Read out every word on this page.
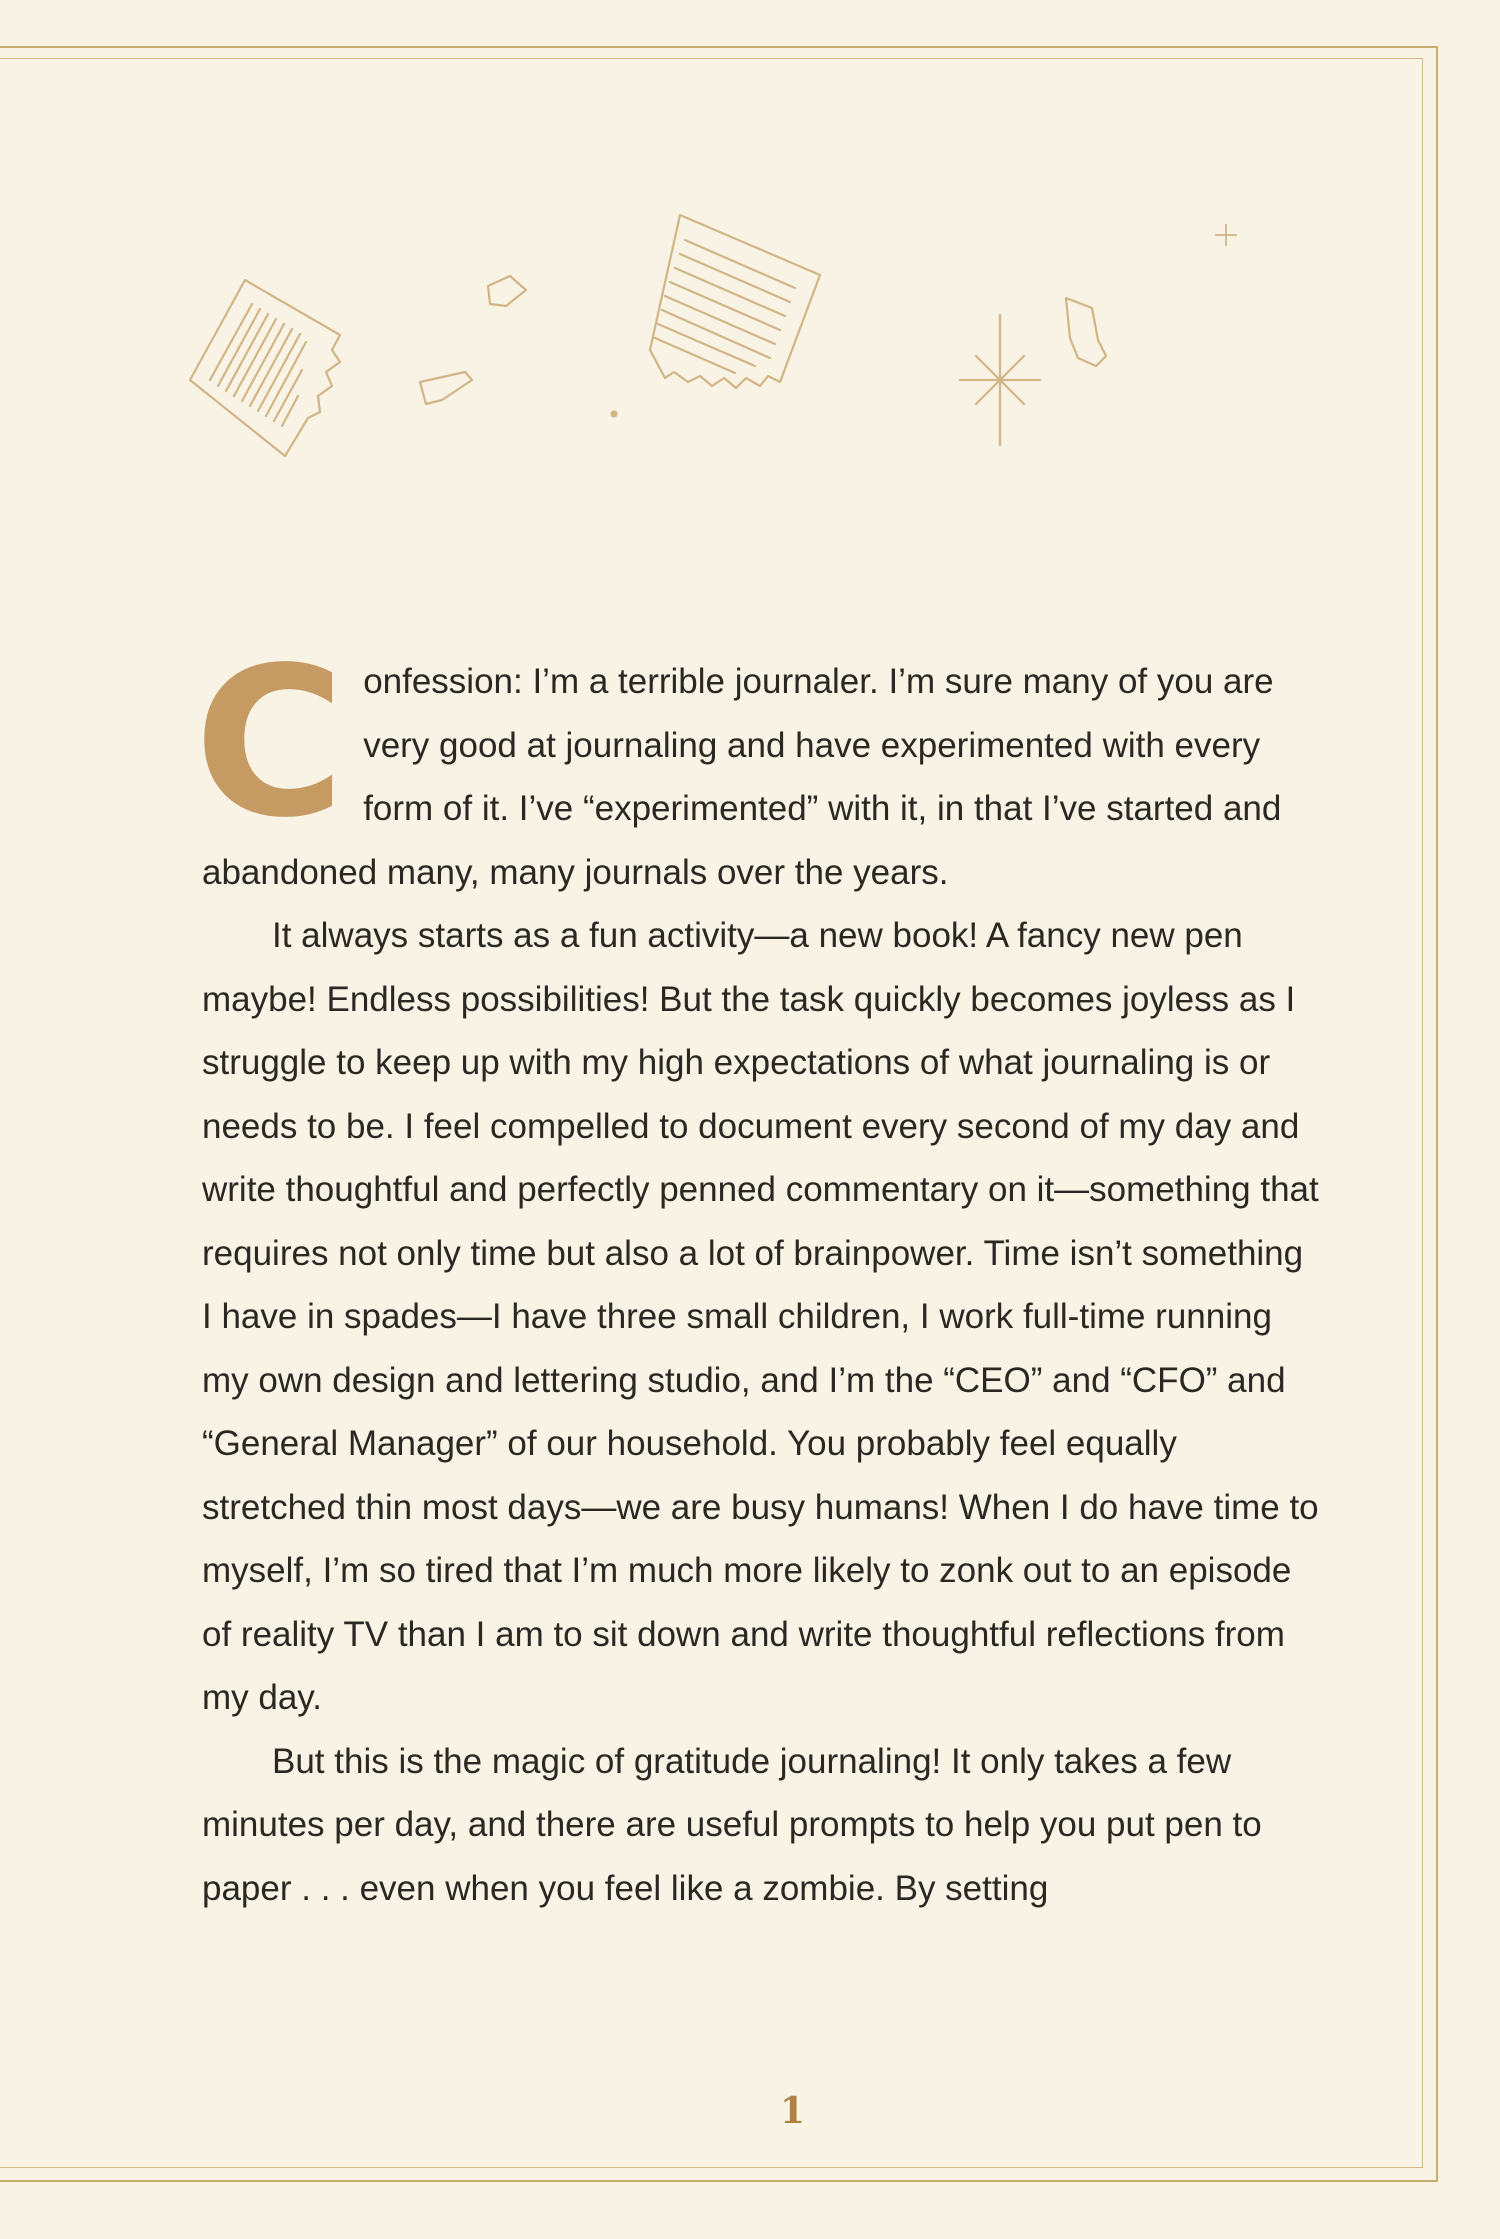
Confession: I’m a terrible journaler. I’m sure many of you are very good at journaling and have experimented with every form of it. I’ve “experimented” with it, in that I’ve started and abandoned many, many journals over the years.

It always starts as a fun activity—a new book! A fancy new pen maybe! Endless possibilities! But the task quickly becomes joyless as I struggle to keep up with my high expectations of what journaling is or needs to be. I feel compelled to document every second of my day and write thoughtful and perfectly penned commentary on it—something that requires not only time but also a lot of brainpower. Time isn’t something I have in spades—I have three small children, I work full-time running my own design and lettering studio, and I’m the “CEO” and “CFO” and “General Manager” of our household. You probably feel equally stretched thin most days—we are busy humans! When I do have time to myself, I’m so tired that I’m much more likely to zonk out to an episode of reality TV than I am to sit down and write thoughtful reflections from my day.

But this is the magic of gratitude journaling! It only takes a few minutes per day, and there are useful prompts to help you put pen to paper . . . even when you feel like a zombie. By setting

1
